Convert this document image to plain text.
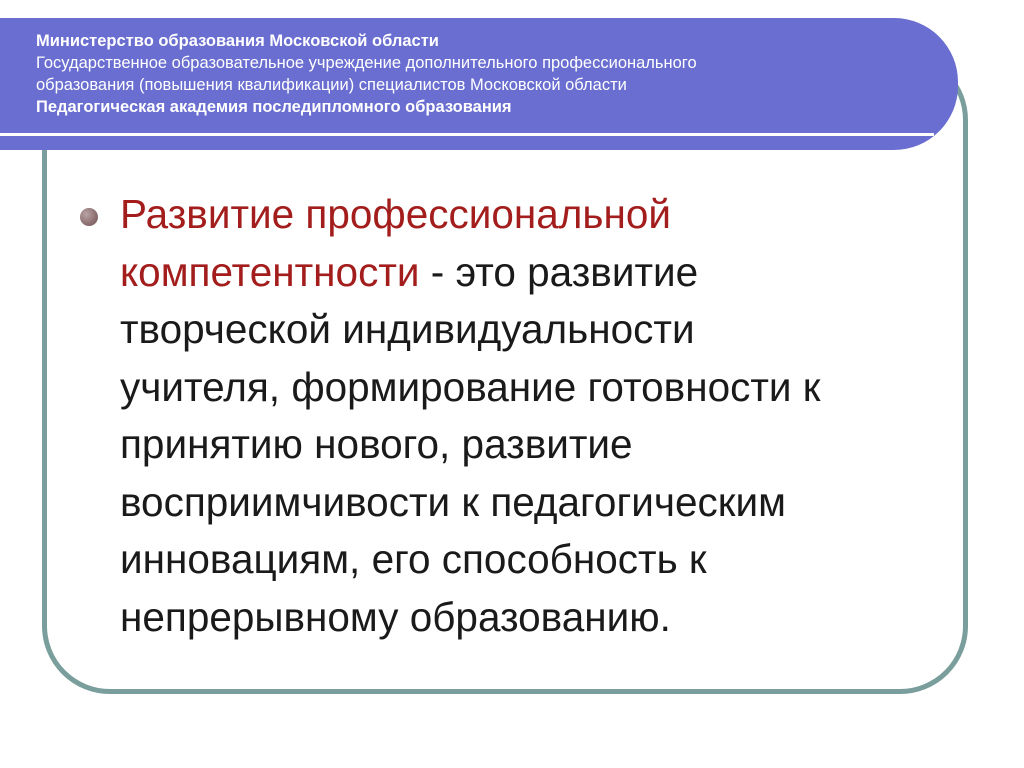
Министерство образования Московской области
Государственное образовательное учреждение дополнительного профессионального
образования (повышения квалификации) специалистов Московской области
Педагогическая академия последипломного образования
Развитие профессиональной
компетентности - это развитие
творческой индивидуальности
учителя, формирование готовности к
принятию нового, развитие
восприимчивости к педагогическим
инновациям, его способность к
непрерывному образованию.
